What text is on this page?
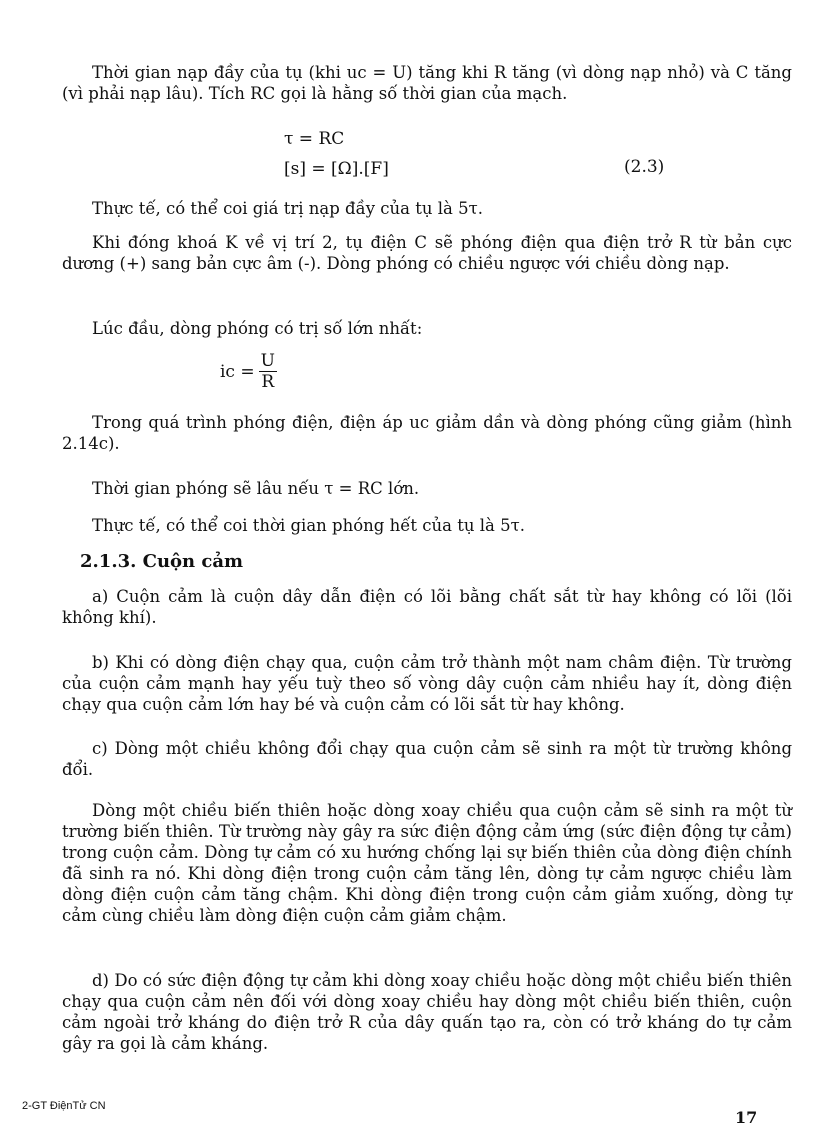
Thời gian nạp đầy của tụ (khi uc = U) tăng khi R tăng (vì dòng nạp nhỏ) và C tăng (vì phải nạp lâu). Tích RC gọi là hằng số thời gian của mạch.

τ = RC
[s] = [Ω].[F]	(2.3)

Thực tế, có thể coi giá trị nạp đầy của tụ là 5τ.

Khi đóng khoá K về vị trí 2, tụ điện C sẽ phóng điện qua điện trở R từ bản cực dương (+) sang bản cực âm (-). Dòng phóng có chiều ngược với chiều dòng nạp.

Lúc đầu, dòng phóng có trị số lớn nhất:

ic = $\frac{U}{R}$

Trong quá trình phóng điện, điện áp uc giảm dần và dòng phóng cũng giảm (hình 2.14c).

Thời gian phóng sẽ lâu nếu τ = RC lớn.

Thực tế, có thể coi thời gian phóng hết của tụ là 5τ.

2.1.3. Cuộn cảm

a) Cuộn cảm là cuộn dây dẫn điện có lõi bằng chất sắt từ hay không có lõi (lõi không khí).

b) Khi có dòng điện chạy qua, cuộn cảm trở thành một nam châm điện. Từ trường của cuộn cảm mạnh hay yếu tuỳ theo số vòng dây cuộn cảm nhiều hay ít, dòng điện chạy qua cuộn cảm lớn hay bé và cuộn cảm có lõi sắt từ hay không.

c) Dòng một chiều không đổi chạy qua cuộn cảm sẽ sinh ra một từ trường không đổi.

Dòng một chiều biến thiên hoặc dòng xoay chiều qua cuộn cảm sẽ sinh ra một từ trường biến thiên. Từ trường này gây ra sức điện động cảm ứng (sức điện động tự cảm) trong cuộn cảm. Dòng tự cảm có xu hướng chống lại sự biến thiên của dòng điện chính đã sinh ra nó. Khi dòng điện trong cuộn cảm tăng lên, dòng tự cảm ngược chiều làm dòng điện cuộn cảm tăng chậm. Khi dòng điện trong cuộn cảm giảm xuống, dòng tự cảm cùng chiều làm dòng điện cuộn cảm giảm chậm.

d) Do có sức điện động tự cảm khi dòng xoay chiều hoặc dòng một chiều biến thiên chạy qua cuộn cảm nên đối với dòng xoay chiều hay dòng một chiều biến thiên, cuộn cảm ngoài trở kháng do điện trở R của dây quấn tạo ra, còn có trở kháng do tự cảm gây ra gọi là cảm kháng.

2-GT ĐiệnTử CN
17
